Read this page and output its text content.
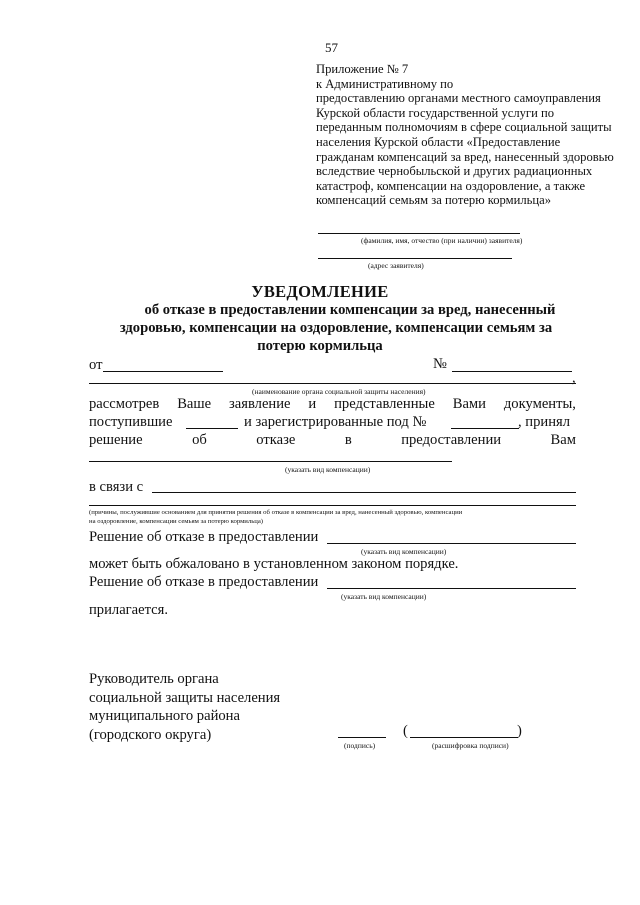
57
Приложение № 7
к Административному по
предоставлению органами местного самоуправления
Курской области государственной услуги по
переданным полномочиям в сфере социальной защиты
населения Курской области «Предоставление
гражданам компенсаций за вред, нанесенный здоровью
вследствие чернобыльской и других радиационных
катастроф, компенсации на оздоровление, а также
компенсаций семьям за потерю кормильца»
(фамилия, имя, отчество (при наличии) заявителя)
(адрес заявителя)
УВЕДОМЛЕНИЕ
об отказе в предоставлении компенсации за вред, нанесенный
здоровью, компенсации на оздоровление, компенсации семьям за
потерю кормильца
от	№
,
(наименование органа социальной защиты населения)
рассмотрев Ваше заявление и представленные Вами документы,
поступившие	и зарегистрированные под №	, принял
решение	об	отказе	в	предоставлении	Вам
(указать вид компенсации)
в связи с
(причины, послужившие основанием для принятия решения об отказе в компенсации за вред, нанесенный здоровью, компенсации
на оздоровление, компенсации семьям за потерю кормильца)
Решение об отказе в предоставлении
(указать вид компенсации)
может быть обжаловано в установленном законом порядке.
Решение об отказе в предоставлении
(указать вид компенсации)
прилагается.
Руководитель органа
социальной защиты населения
муниципального района
(городского округа)
(подпись)
(	)
(расшифровка подписи)
